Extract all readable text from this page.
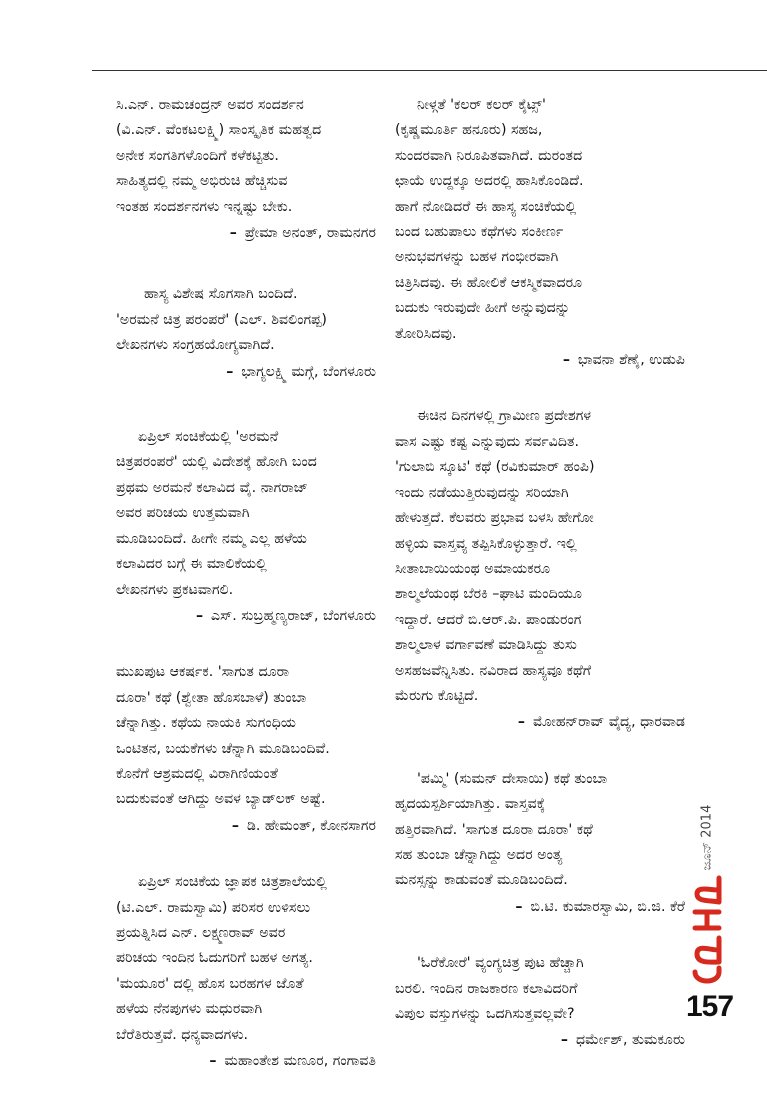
ಸಿ.ಎನ್. ರಾಮಚಂದ್ರನ್ ಅವರ ಸಂದರ್ಶನ

(ವಿ.ಎನ್. ವೆಂಕಟಲಕ್ಷ್ಮಿ) ಸಾಂಸ್ಕೃತಿಕ ಮಹತ್ವದ

ಅನೇಕ ಸಂಗತಿಗಳೊಂದಿಗೆ ಕಳೆಕಟ್ಟಿತು.

ಸಾಹಿತ್ಯದಲ್ಲಿ ನಮ್ಮ ಅಭಿರುಚಿ ಹೆಚ್ಚಿಸುವ

ಇಂತಹ ಸಂದರ್ಶನಗಳು ಇನ್ನಷ್ಟು ಬೇಕು.

– ಪ್ರೇಮಾ ಅನಂತ್, ರಾಮನಗರ

ಹಾಸ್ಯ ವಿಶೇಷ ಸೊಗಸಾಗಿ ಬಂದಿದೆ.

'ಅರಮನೆ ಚಿತ್ರ ಪರಂಪರೆ' (ಎಲ್. ಶಿವಲಿಂಗಪ್ಪ)

ಲೇಖನಗಳು ಸಂಗ್ರಹಯೋಗ್ಯವಾಗಿದೆ.

– ಭಾಗ್ಯಲಕ್ಷ್ಮಿ ಮಗ್ಗೆ, ಬೆಂಗಳೂರು

ಏಪ್ರಿಲ್ ಸಂಚಿಕೆಯಲ್ಲಿ 'ಅರಮನೆ

ಚಿತ್ರಪರಂಪರೆ' ಯಲ್ಲಿ ವಿದೇಶಕ್ಕೆ ಹೋಗಿ ಬಂದ

ಪ್ರಥಮ ಅರಮನೆ ಕಲಾವಿದ ವೈ. ನಾಗರಾಜ್

ಅವರ ಪರಿಚಯ ಉತ್ತಮವಾಗಿ

ಮೂಡಿಬಂದಿದೆ. ಹೀಗೇ ನಮ್ಮ ಎಲ್ಲ ಹಳೆಯ

ಕಲಾವಿದರ ಬಗ್ಗೆ ಈ ಮಾಲಿಕೆಯಲ್ಲಿ

ಲೇಖನಗಳು ಪ್ರಕಟವಾಗಲಿ.

– ಎಸ್. ಸುಬ್ರಹ್ಮಣ್ಯರಾಜ್, ಬೆಂಗಳೂರು

ಮುಖಪುಟ ಆಕರ್ಷಕ. 'ಸಾಗುತ ದೂರಾ

ದೂರಾ' ಕಥೆ (ಶ್ವೇತಾ ಹೊಸಬಾಳೆ) ತುಂಬಾ

ಚೆನ್ನಾಗಿತ್ತು. ಕಥೆಯ ನಾಯಕಿ ಸುಗಂಧಿಯ

ಒಂಟಿತನ, ಬಯಕೆಗಳು ಚೆನ್ನಾಗಿ ಮೂಡಿಬಂದಿವೆ.

ಕೊನೆಗೆ ಆಶ್ರಮದಲ್ಲಿ ವಿರಾಗಿಣಿಯಂತೆ

ಬದುಕುವಂತೆ ಆಗಿದ್ದು ಅವಳ ಬ್ಯಾಡ್‌ಲಕ್ ಅಷ್ಟೆ.

– ಡಿ. ಹೇಮಂತ್, ಕೋನಸಾಗರ

ಏಪ್ರಿಲ್ ಸಂಚಿಕೆಯ ಜ್ಞಾಪಕ ಚಿತ್ರಶಾಲೆಯಲ್ಲಿ

(ಟಿ.ಎಲ್. ರಾಮಸ್ವಾಮಿ) ಪರಿಸರ ಉಳಿಸಲು

ಪ್ರಯತ್ನಿಸಿದ ಎನ್. ಲಕ್ಷ್ಮಣರಾವ್ ಅವರ

ಪರಿಚಯ ಇಂದಿನ ಓದುಗರಿಗೆ ಬಹಳ ಅಗತ್ಯ.

'ಮಯೂರ' ದಲ್ಲಿ ಹೊಸ ಬರಹಗಳ ಜೊತೆ

ಹಳೆಯ ನೆನಪುಗಳು ಮಧುರವಾಗಿ

ಬೆರೆತಿರುತ್ತವೆ. ಧನ್ಯವಾದಗಳು.

– ಮಹಾಂತೇಶ ಮಣೂರ, ಗಂಗಾವತಿ

ನೀಳ್ಗತೆ 'ಕಲರ್ ಕಲರ್ ಕೈಟ್ಸ್'

(ಕೃಷ್ಣಮೂರ್ತಿ ಹನೂರು) ಸಹಜ,

ಸುಂದರವಾಗಿ ನಿರೂಪಿತವಾಗಿದೆ. ದುರಂತದ

ಛಾಯೆ ಉದ್ದಕ್ಕೂ ಅದರಲ್ಲಿ ಹಾಸಿಕೊಂಡಿದೆ.

ಹಾಗೆ ನೋಡಿದರೆ ಈ ಹಾಸ್ಯ ಸಂಚಿಕೆಯಲ್ಲಿ

ಬಂದ ಬಹುಪಾಲು ಕಥೆಗಳು ಸಂಕೀರ್ಣ

ಅನುಭವಗಳನ್ನು ಬಹಳ ಗಂಭೀರವಾಗಿ

ಚಿತ್ರಿಸಿದವು. ಈ ಹೋಲಿಕೆ ಆಕಸ್ಮಿಕವಾದರೂ

ಬದುಕು ಇರುವುದೇ ಹೀಗೆ ಅನ್ನುವುದನ್ನು

ತೋರಿಸಿದವು.

– ಭಾವನಾ ಶೆಣೈ, ಉಡುಪಿ

ಈಚಿನ ದಿನಗಳಲ್ಲಿ ಗ್ರಾಮೀಣ ಪ್ರದೇಶಗಳ

ವಾಸ ಎಷ್ಟು ಕಷ್ಟ ಎನ್ನುವುದು ಸರ್ವವಿದಿತ.

'ಗುಲಾಬಿ ಸ್ಕೂಟಿ' ಕಥೆ (ರವಿಕುಮಾರ್ ಹಂಪಿ)

ಇಂದು ನಡೆಯುತ್ತಿರುವುದನ್ನು ಸರಿಯಾಗಿ

ಹೇಳುತ್ತದೆ. ಕೆಲವರು ಪ್ರಭಾವ ಬಳಸಿ ಹೇಗೋ

ಹಳ್ಳಿಯ ವಾಸ್ತವ್ಯ ತಪ್ಪಿಸಿಕೊಳ್ಳುತ್ತಾರೆ. ಇಲ್ಲಿ

ಸೀತಾಬಾಯಿಯಂಥ ಅಮಾಯಕರೂ

ಶಾಲ್ಮಲೆಯಂಥ ಬೆರಕಿ –ಘಾಟಿ ಮಂದಿಯೂ

ಇದ್ದಾರೆ. ಆದರೆ ಬಿ.ಆರ್.ಪಿ. ಪಾಂಡುರಂಗ

ಶಾಲ್ಮಲಾಳ ವರ್ಗಾವಣೆ ಮಾಡಿಸಿದ್ದು ತುಸು

ಅಸಹಜವೆನ್ನಿಸಿತು. ನವಿರಾದ ಹಾಸ್ಯವೂ ಕಥೆಗೆ

ಮೆರುಗು ಕೊಟ್ಟಿದೆ.

– ಮೋಹನ್‌ರಾವ್ ವೈದ್ಯ, ಧಾರವಾಡ

'ಪಮ್ಮಿ' (ಸುಮನ್ ದೇಸಾಯಿ) ಕಥೆ ತುಂಬಾ

ಹೃದಯಸ್ಪರ್ಶಿಯಾಗಿತ್ತು. ವಾಸ್ತವಕ್ಕೆ

ಹತ್ತಿರವಾಗಿದೆ. 'ಸಾಗುತ ದೂರಾ ದೂರಾ' ಕಥೆ

ಸಹ ತುಂಬಾ ಚೆನ್ನಾಗಿದ್ದು ಅದರ ಅಂತ್ಯ

ಮನಸ್ಸನ್ನು ಕಾಡುವಂತೆ ಮೂಡಿಬಂದಿದೆ.

– ಬಿ.ಟಿ. ಕುಮಾರಸ್ವಾಮಿ, ಬಿ.ಜಿ. ಕೆರೆ

'ಓರೆಕೋರೆ' ವ್ಯಂಗ್ಯಚಿತ್ರ ಪುಟ ಹೆಚ್ಚಾಗಿ

ಬರಲಿ. ಇಂದಿನ ರಾಜಕಾರಣ ಕಲಾವಿದರಿಗೆ

ವಿಪುಲ ವಸ್ತುಗಳನ್ನು ಒದಗಿಸುತ್ತವಲ್ಲವೇ?

– ಧರ್ಮೇಶ್, ತುಮಕೂರು
ಜೂನ್ 2014
157
